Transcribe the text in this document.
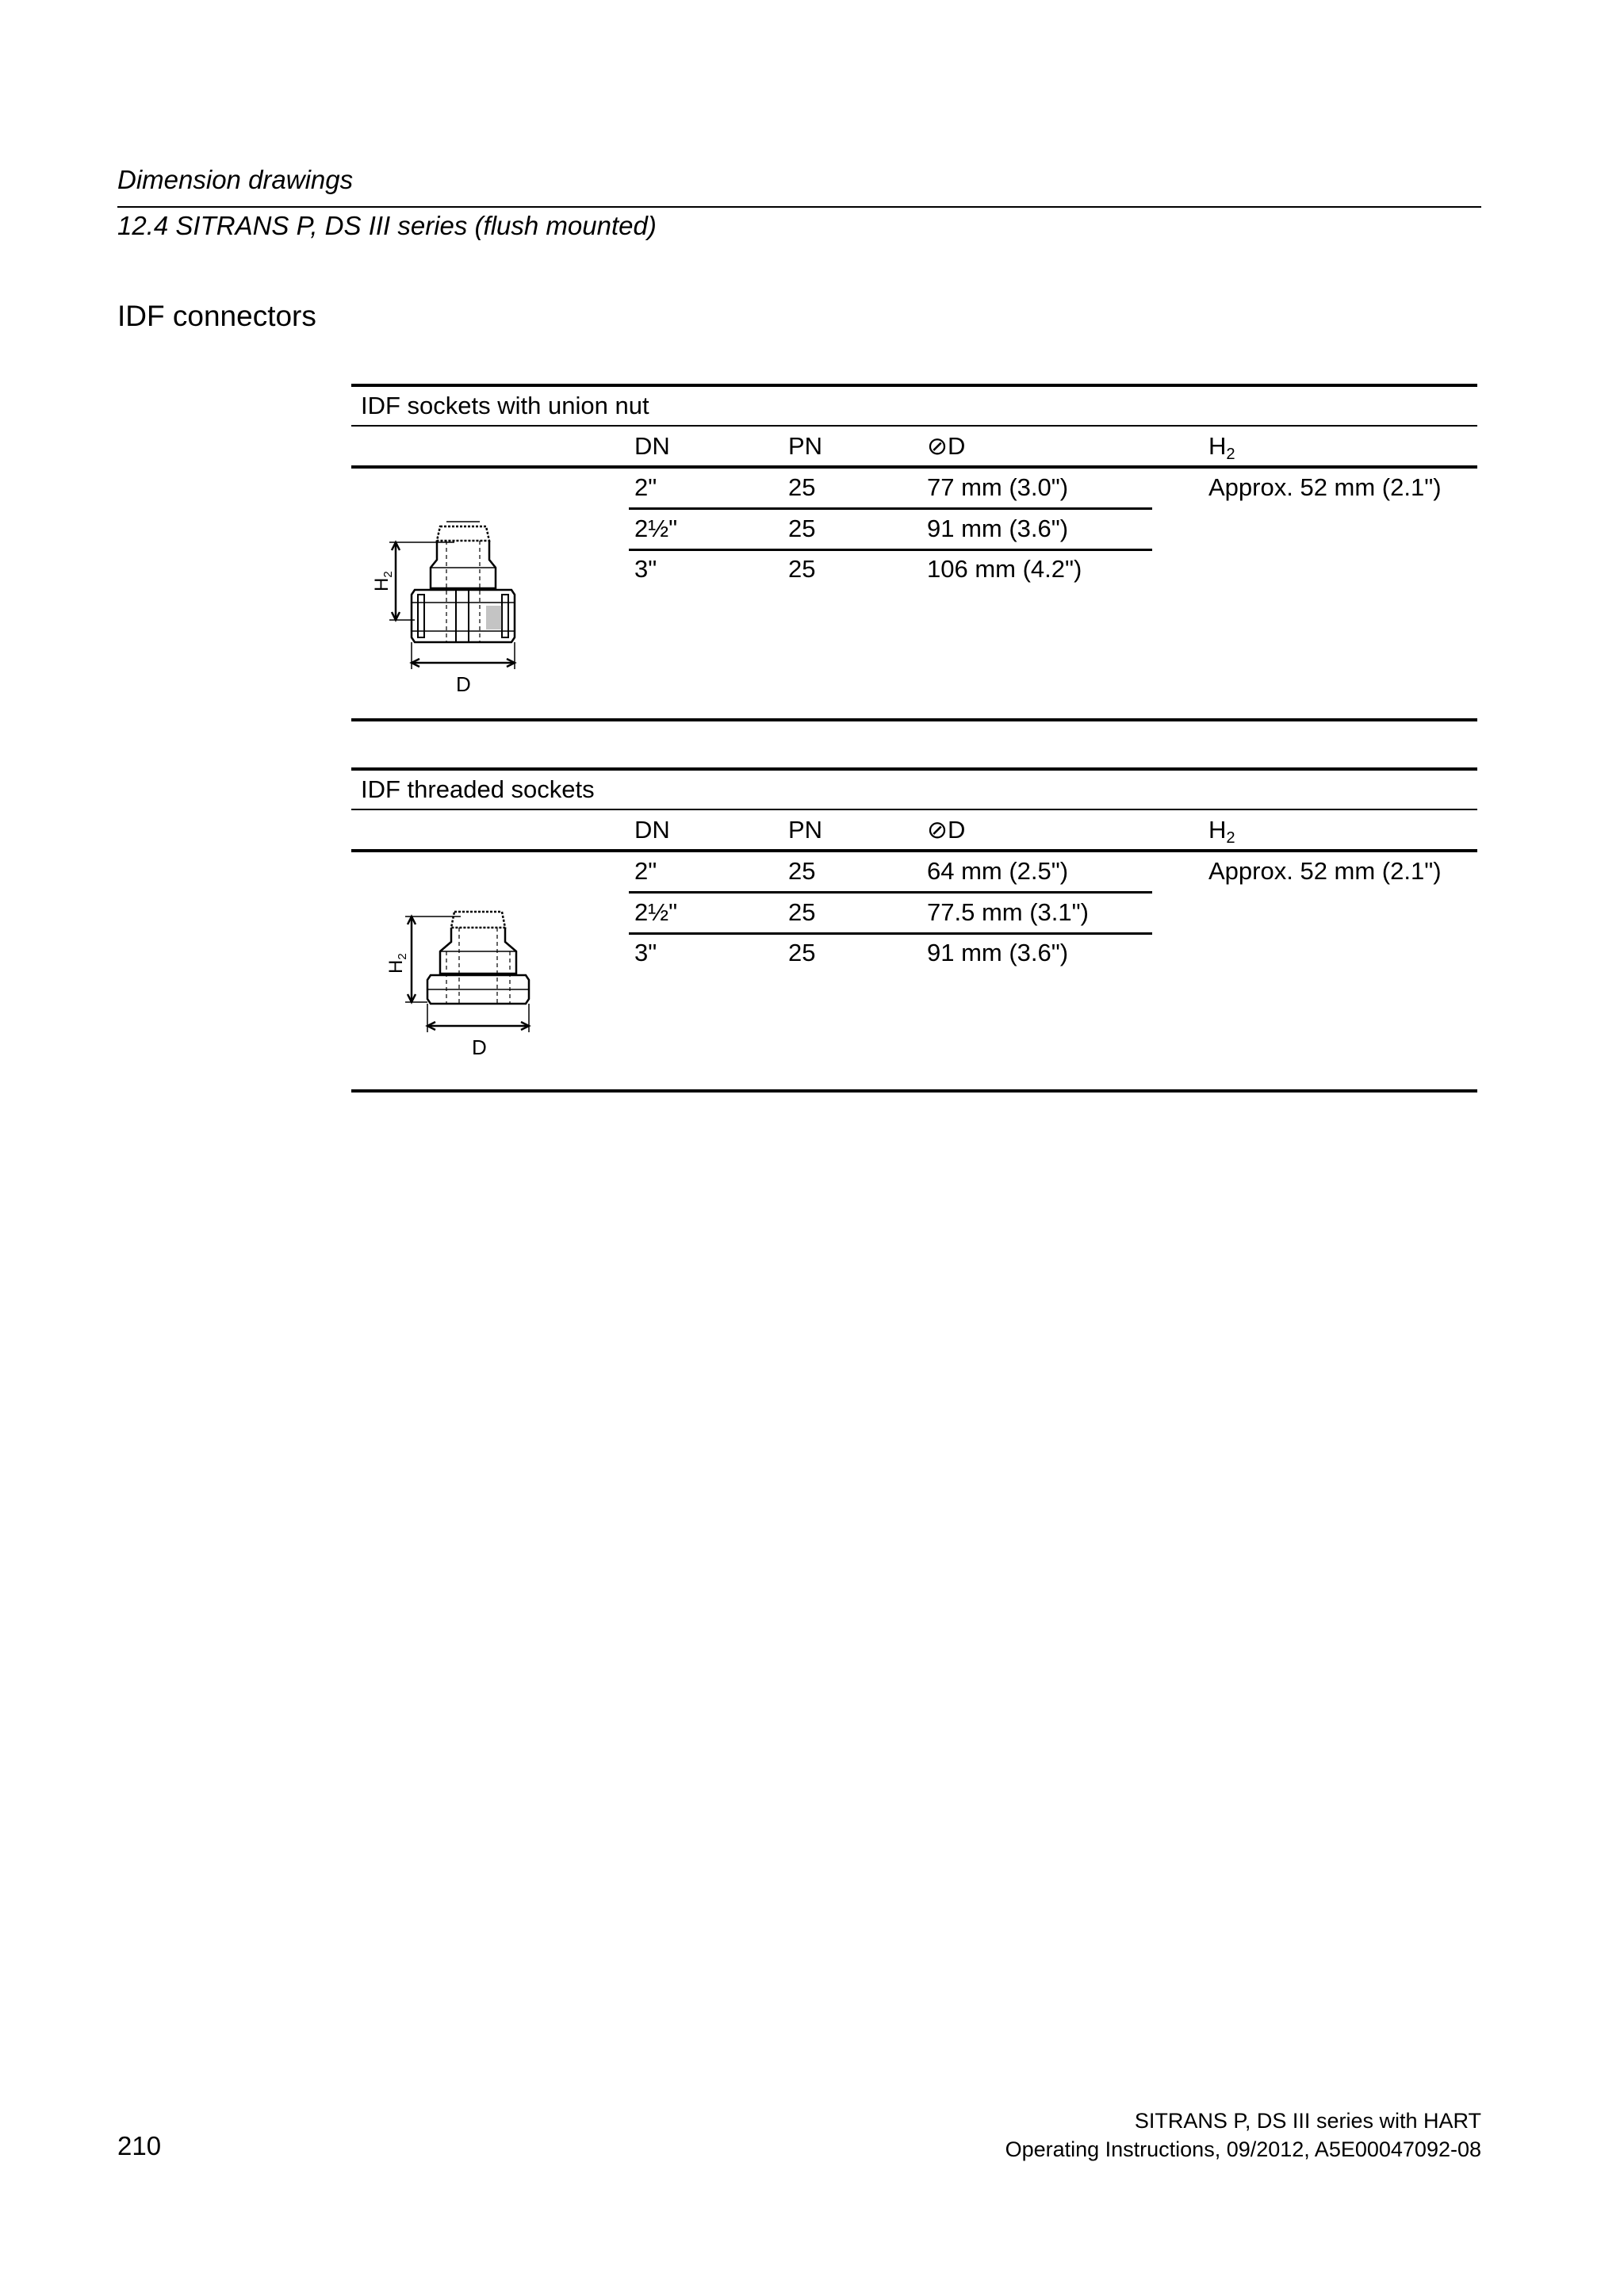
Dimension drawings
12.4 SITRANS P, DS III series (flush mounted)
IDF connectors
IDF sockets with union nut
DN	PN	⊘D	$H_2$
2"	25	77 mm (3.0")	Approx. 52 mm (2.1")
2½"	25	91 mm (3.6")
3"	25	106 mm (4.2")
$H_2$
D
IDF threaded sockets
DN	PN	⊘D	$H_2$
2"	25	64 mm (2.5")	Approx. 52 mm (2.1")
2½"	25	77.5 mm (3.1")
3"	25	91 mm (3.6")
$H_2$
D
210
SITRANS P, DS III series with HART
Operating Instructions, 09/2012, A5E00047092-08
